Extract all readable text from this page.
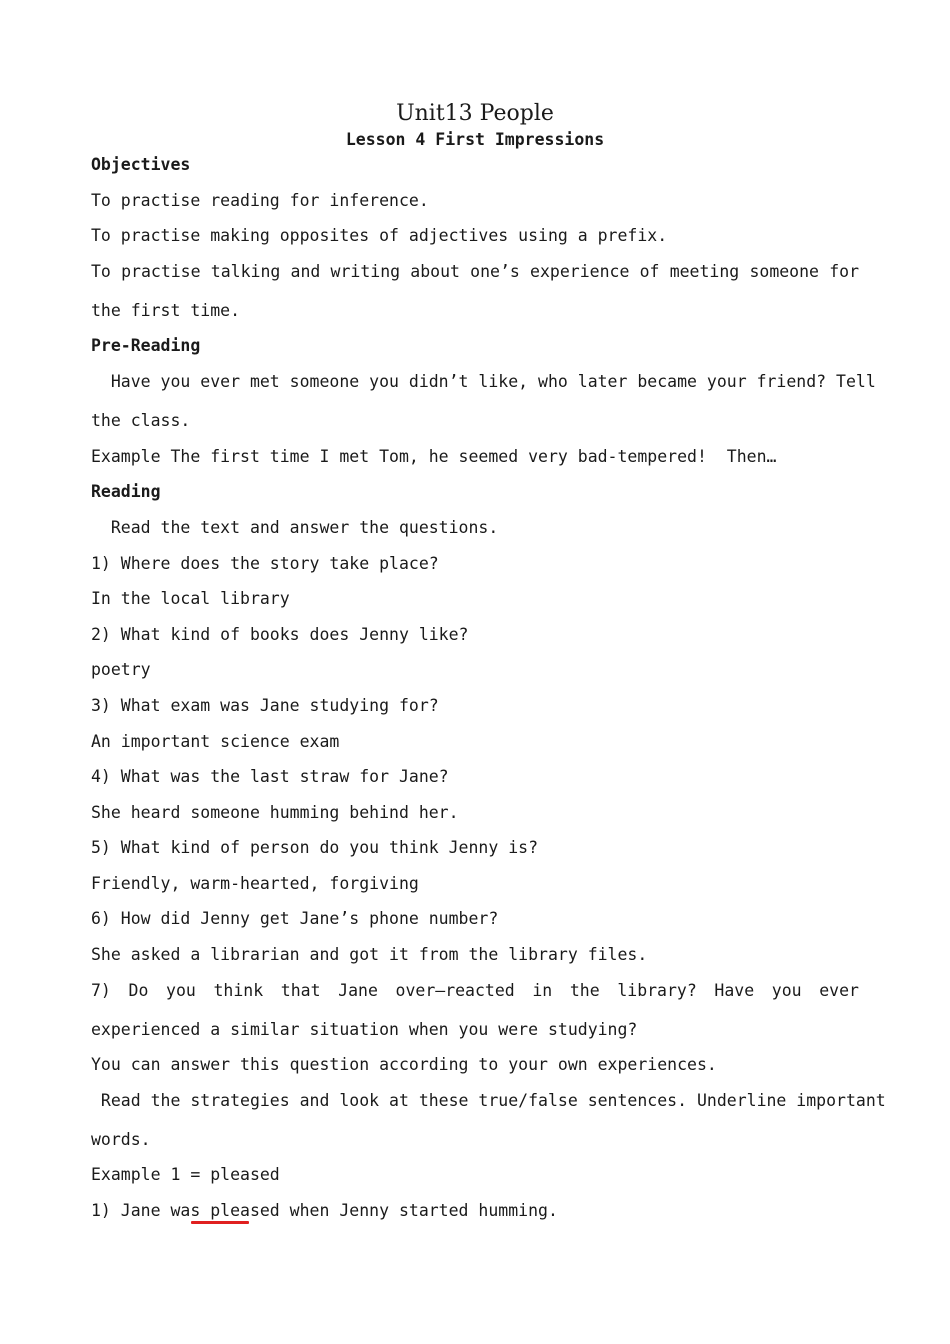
Unit13 People
Lesson 4 First Impressions
Objectives
To practise reading for inference.
To practise making opposites of adjectives using a prefix.
To practise talking and writing about one’s experience of meeting someone for
the first time.
Pre-Reading
Have you ever met someone you didn’t like, who later became your friend? Tell
the class.
Example The first time I met Tom, he seemed very bad-tempered!  Then…
Reading
Read the text and answer the questions.
1) Where does the story take place?
In the local library
2) What kind of books does Jenny like?
poetry
3) What exam was Jane studying for?
An important science exam
4) What was the last straw for Jane?
She heard someone humming behind her.
5) What kind of person do you think Jenny is?
Friendly, warm-hearted, forgiving
6) How did Jenny get Jane’s phone number?
She asked a librarian and got it from the library files.
7) Do you think that Jane over–reacted in the library? Have you ever
experienced a similar situation when you were studying?
You can answer this question according to your own experiences.
Read the strategies and look at these true/false sentences. Underline important
words.
Example 1 = pleased
1) Jane was pleased when Jenny started humming.
